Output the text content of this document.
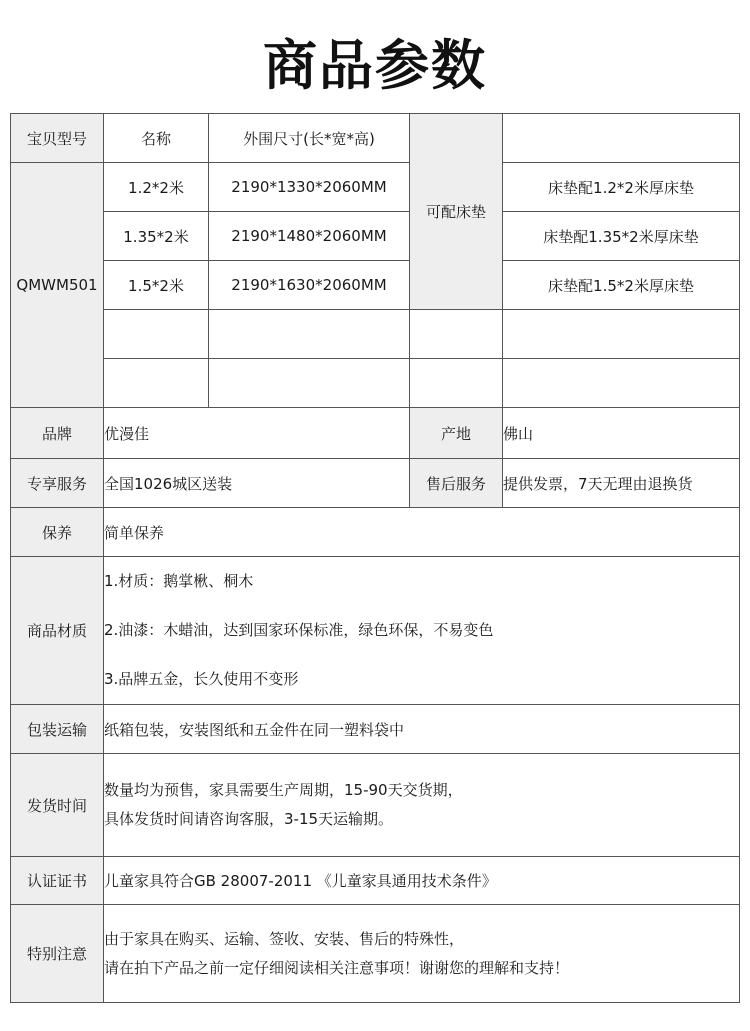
商品参数
宝贝型号	名称	外围尺寸(长*宽*高)	可配床垫	
QMWM501	1.2*2米	2190*1330*2060MM		床垫配1.2*2米厚床垫
	1.35*2米	2190*1480*2060MM		床垫配1.35*2米厚床垫
	1.5*2米	2190*1630*2060MM		床垫配1.5*2米厚床垫

品牌	优漫佳		产地	佛山
专享服务	全国1026城区送装		售后服务	提供发票，7天无理由退换货
保养	简单保养			
商品材质	1.材质：鹅掌楸、桐木
2.油漆：木蜡油，达到国家环保标准，绿色环保，不易变色
3.品牌五金，长久使用不变形			

包装运输	纸箱包装，安装图纸和五金件在同一塑料袋中			
发货时间	数量均为预售，家具需要生产周期，15-90天交货期，
具体发货时间请咨询客服，3-15天运输期。			

认证证书	儿童家具符合GB 28007-2011 《儿童家具通用技术条件》			
特别注意	由于家具在购买、运输、签收、安装、售后的特殊性，
请在拍下产品之前一定仔细阅读相关注意事项！谢谢您的理解和支持！			
